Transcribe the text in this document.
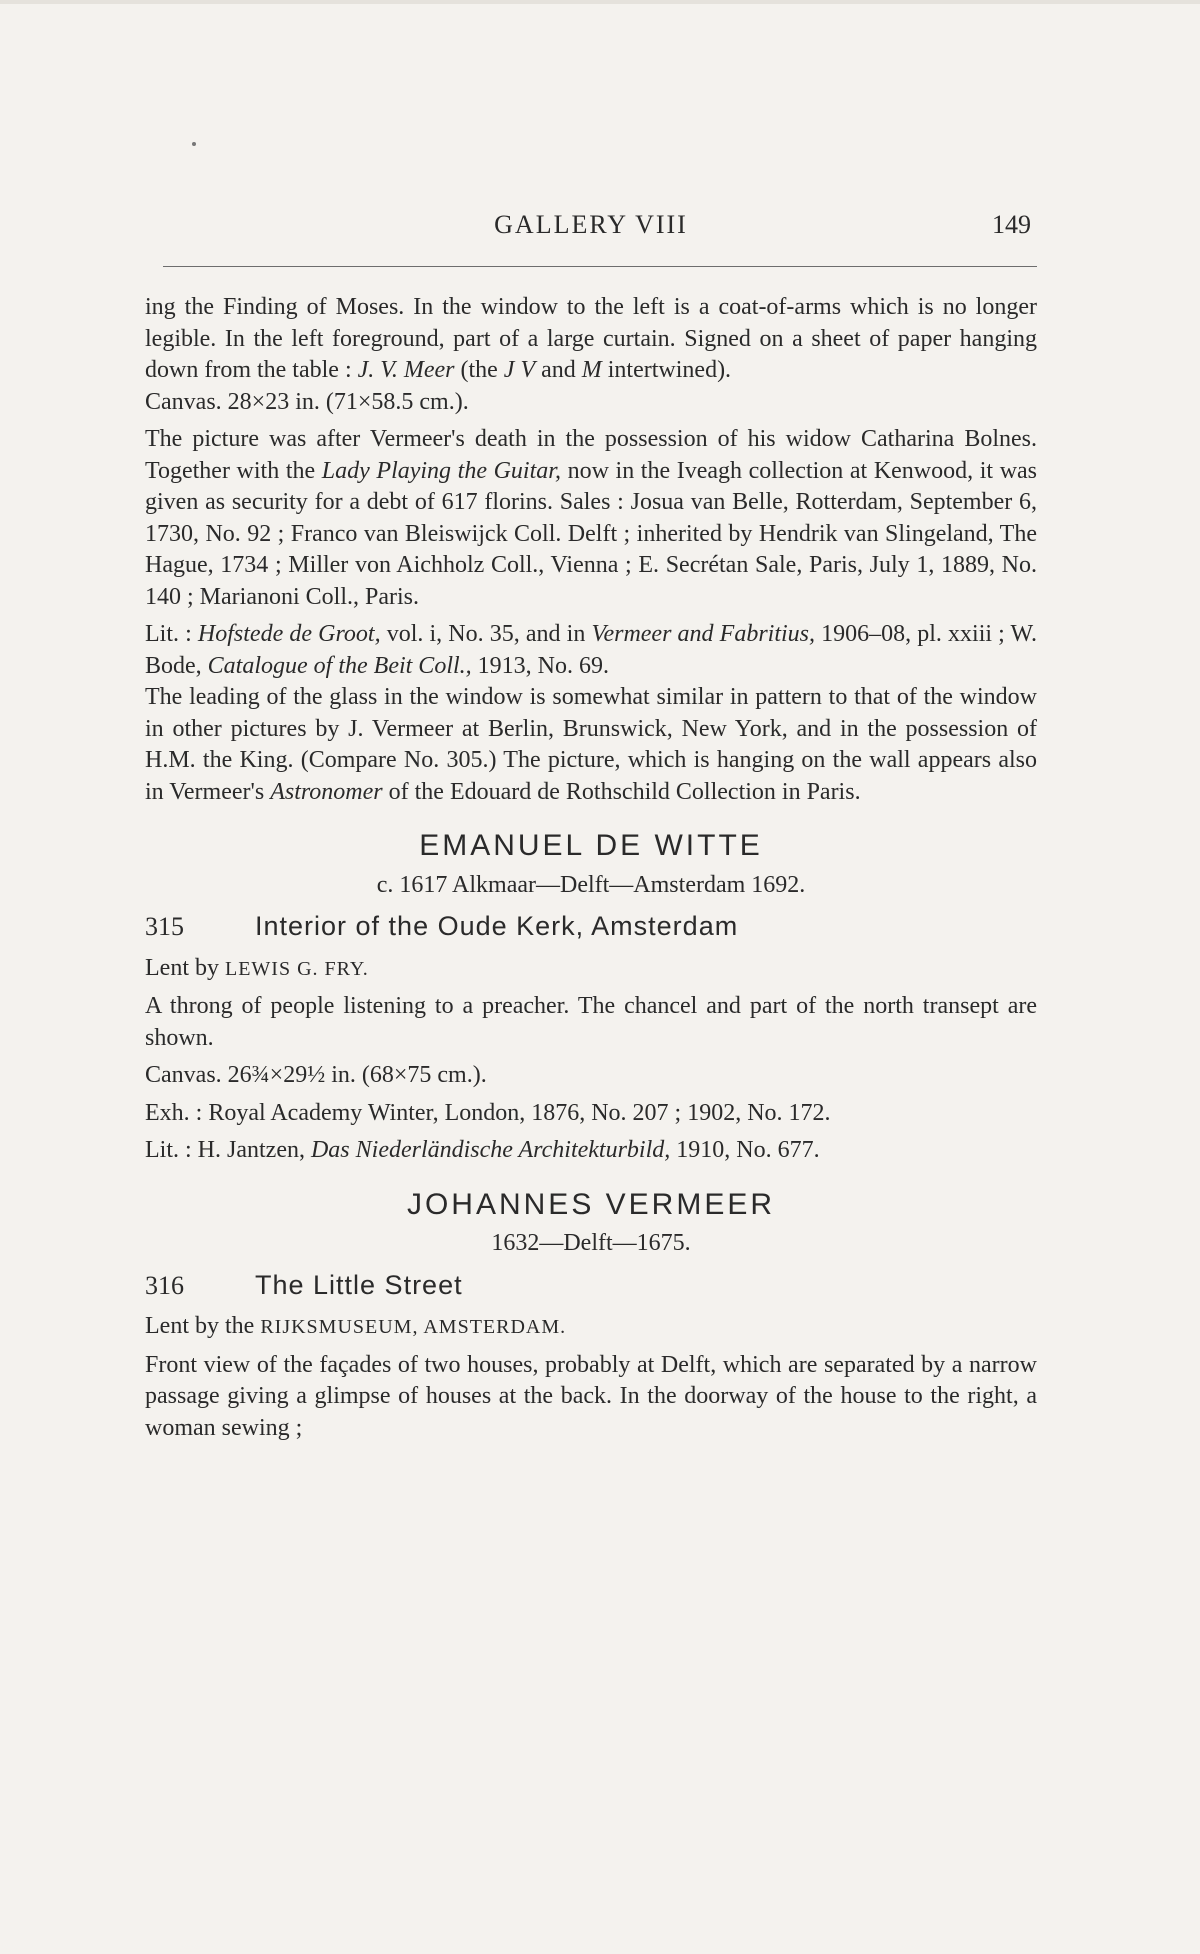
GALLERY VIII	149

ing the Finding of Moses. In the window to the left is a coat-of-arms which is no longer legible. In the left foreground, part of a large curtain. Signed on a sheet of paper hanging down from the table : J. V. Meer (the J V and M intertwined).

Canvas. 28×23 in. (71×58.5 cm.).

The picture was after Vermeer's death in the possession of his widow Catharina Bolnes. Together with the Lady Playing the Guitar, now in the Iveagh collection at Kenwood, it was given as security for a debt of 617 florins. Sales : Josua van Belle, Rotterdam, September 6, 1730, No. 92 ; Franco van Bleiswijck Coll. Delft ; inherited by Hendrik van Slingeland, The Hague, 1734 ; Miller von Aichholz Coll., Vienna ; E. Secrétan Sale, Paris, July 1, 1889, No. 140 ; Marianoni Coll., Paris.

Lit. : Hofstede de Groot, vol. i, No. 35, and in Vermeer and Fabritius, 1906–08, pl. xxiii ; W. Bode, Catalogue of the Beit Coll., 1913, No. 69.

The leading of the glass in the window is somewhat similar in pattern to that of the window in other pictures by J. Vermeer at Berlin, Brunswick, New York, and in the possession of H.M. the King. (Compare No. 305.) The picture, which is hanging on the wall appears also in Vermeer's Astronomer of the Edouard de Rothschild Collection in Paris.

EMANUEL DE WITTE
c. 1617 Alkmaar—Delft—Amsterdam 1692.
315	Interior of the Oude Kerk, Amsterdam

Lent by LEWIS G. FRY.

A throng of people listening to a preacher. The chancel and part of the north transept are shown.

Canvas. 26¾×29½ in. (68×75 cm.).

Exh. : Royal Academy Winter, London, 1876, No. 207 ; 1902, No. 172.

Lit. : H. Jantzen, Das Niederländische Architekturbild, 1910, No. 677.

JOHANNES VERMEER
1632—Delft—1675.
316	The Little Street

Lent by the RIJKSMUSEUM, AMSTERDAM.

Front view of the façades of two houses, probably at Delft, which are separated by a narrow passage giving a glimpse of houses at the back. In the doorway of the house to the right, a woman sewing ;
